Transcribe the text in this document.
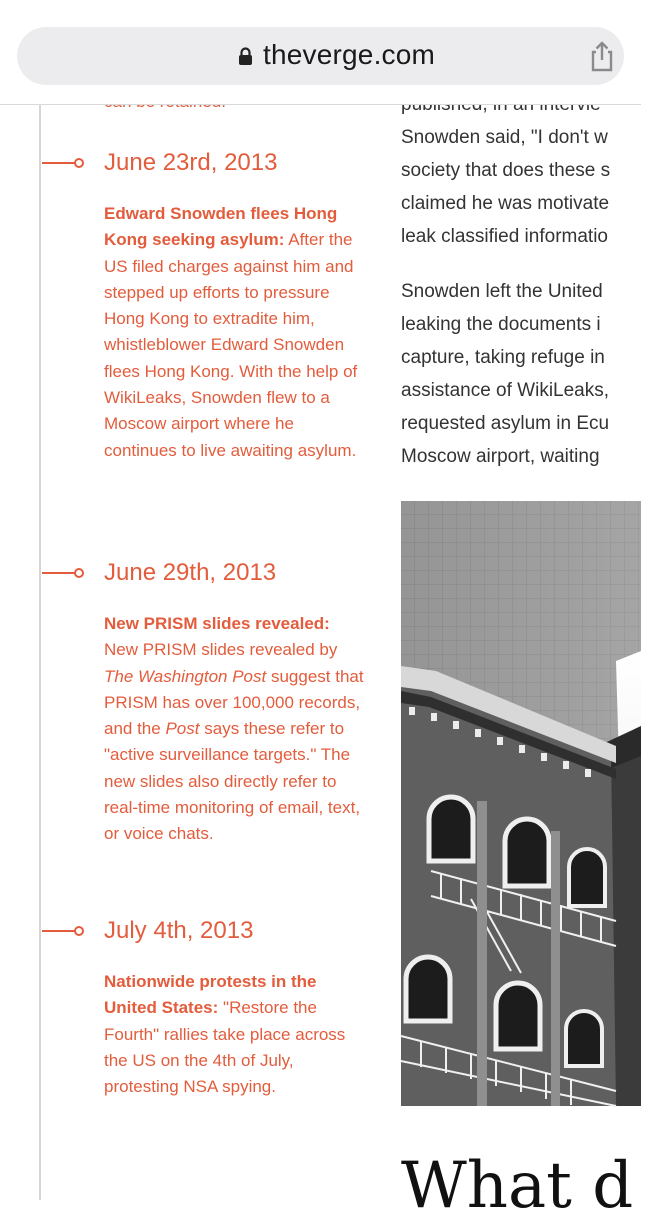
theverge.com
June 23rd, 2013
Edward Snowden flees Hong Kong seeking asylum: After the US filed charges against him and stepped up efforts to pressure Hong Kong to extradite him, whistleblower Edward Snowden flees Hong Kong. With the help of WikiLeaks, Snowden flew to a Moscow airport where he continues to live awaiting asylum.
June 29th, 2013
New PRISM slides revealed: New PRISM slides revealed by The Washington Post suggest that PRISM has over 100,000 records, and the Post says these refer to "active surveillance targets." The new slides also directly refer to real-time monitoring of email, text, or voice chats.
July 4th, 2013
Nationwide protests in the United States: "Restore the Fourth" rallies take place across the US on the 4th of July, protesting NSA spying.
Snowden said, "I don't w
society that does these s
claimed he was motivate
leak classified informatio
Snowden left the United
leaking the documents i
capture, taking refuge in
assistance of WikiLeaks,
requested asylum in Ecu
Moscow airport, waiting
What d
